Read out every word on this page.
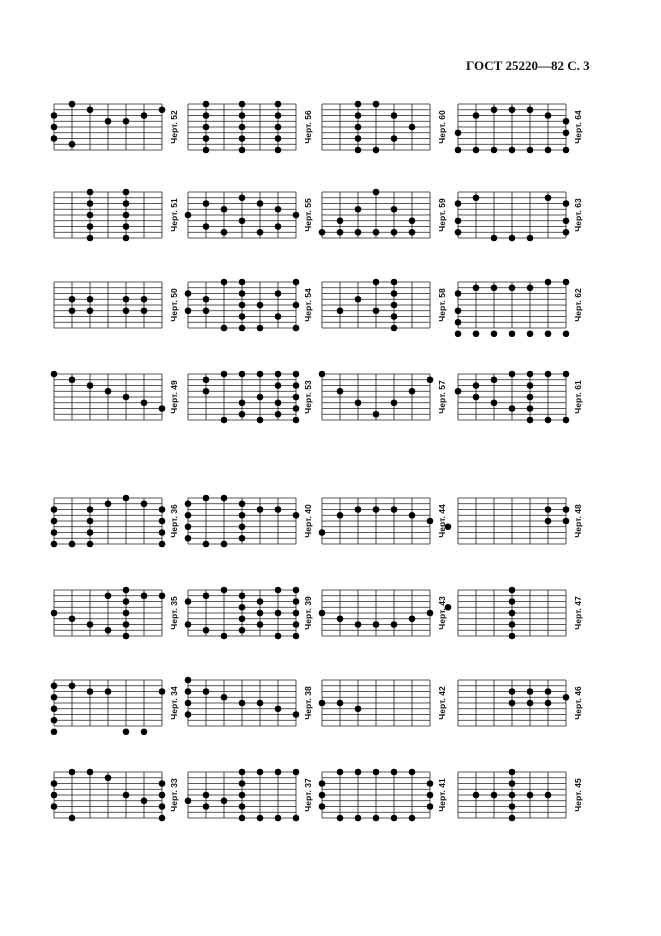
ГОСТ 25220—82 С. 3
Черт. 52	Черт. 56	Черт. 60	Черт. 64
Черт. 51	Черт. 55	Черт. 59	Черт. 63
Черт. 50	Черт. 54	Черт. 58	Черт. 62
Черт. 49	Черт. 53	Черт. 57	Черт. 61
Черт. 36	Черт. 40	Черт. 44	Черт. 48
Черт. 35	Черт. 39	Черт. 43	Черт. 47
Черт. 34	Черт. 38	Черт. 42	Черт. 46
Черт. 33	Черт. 37	Черт. 41	Черт. 45
